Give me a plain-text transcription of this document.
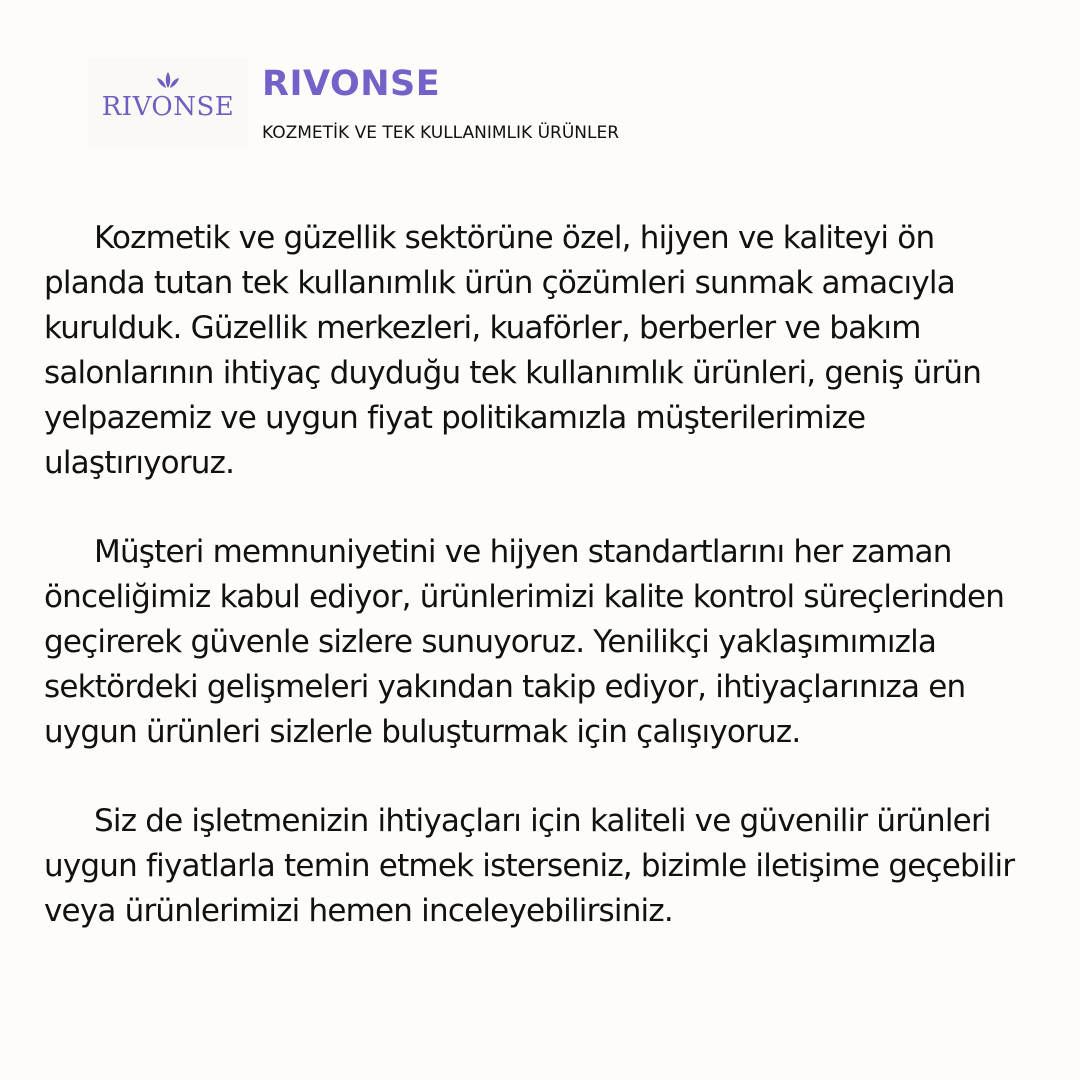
RIVONSE
RIVONSE

KOZMETİK VE TEK KULLANIMLIK ÜRÜNLER

Kozmetik ve güzellik sektörüne özel, hijyen ve kaliteyi ön planda tutan tek kullanımlık ürün çözümleri sunmak amacıyla kurulduk. Güzellik merkezleri, kuaförler, berberler ve bakım salonlarının ihtiyaç duyduğu tek kullanımlık ürünleri, geniş ürün yelpazemiz ve uygun fiyat politikamızla müşterilerimize ulaştırıyoruz.

Müşteri memnuniyetini ve hijyen standartlarını her zaman önceliğimiz kabul ediyor, ürünlerimizi kalite kontrol süreçlerinden geçirerek güvenle sizlere sunuyoruz. Yenilikçi yaklaşımımızla sektördeki gelişmeleri yakından takip ediyor, ihtiyaçlarınıza en uygun ürünleri sizlerle buluşturmak için çalışıyoruz.

Siz de işletmenizin ihtiyaçları için kaliteli ve güvenilir ürünleri uygun fiyatlarla temin etmek isterseniz, bizimle iletişime geçebilir veya ürünlerimizi hemen inceleyebilirsiniz.
